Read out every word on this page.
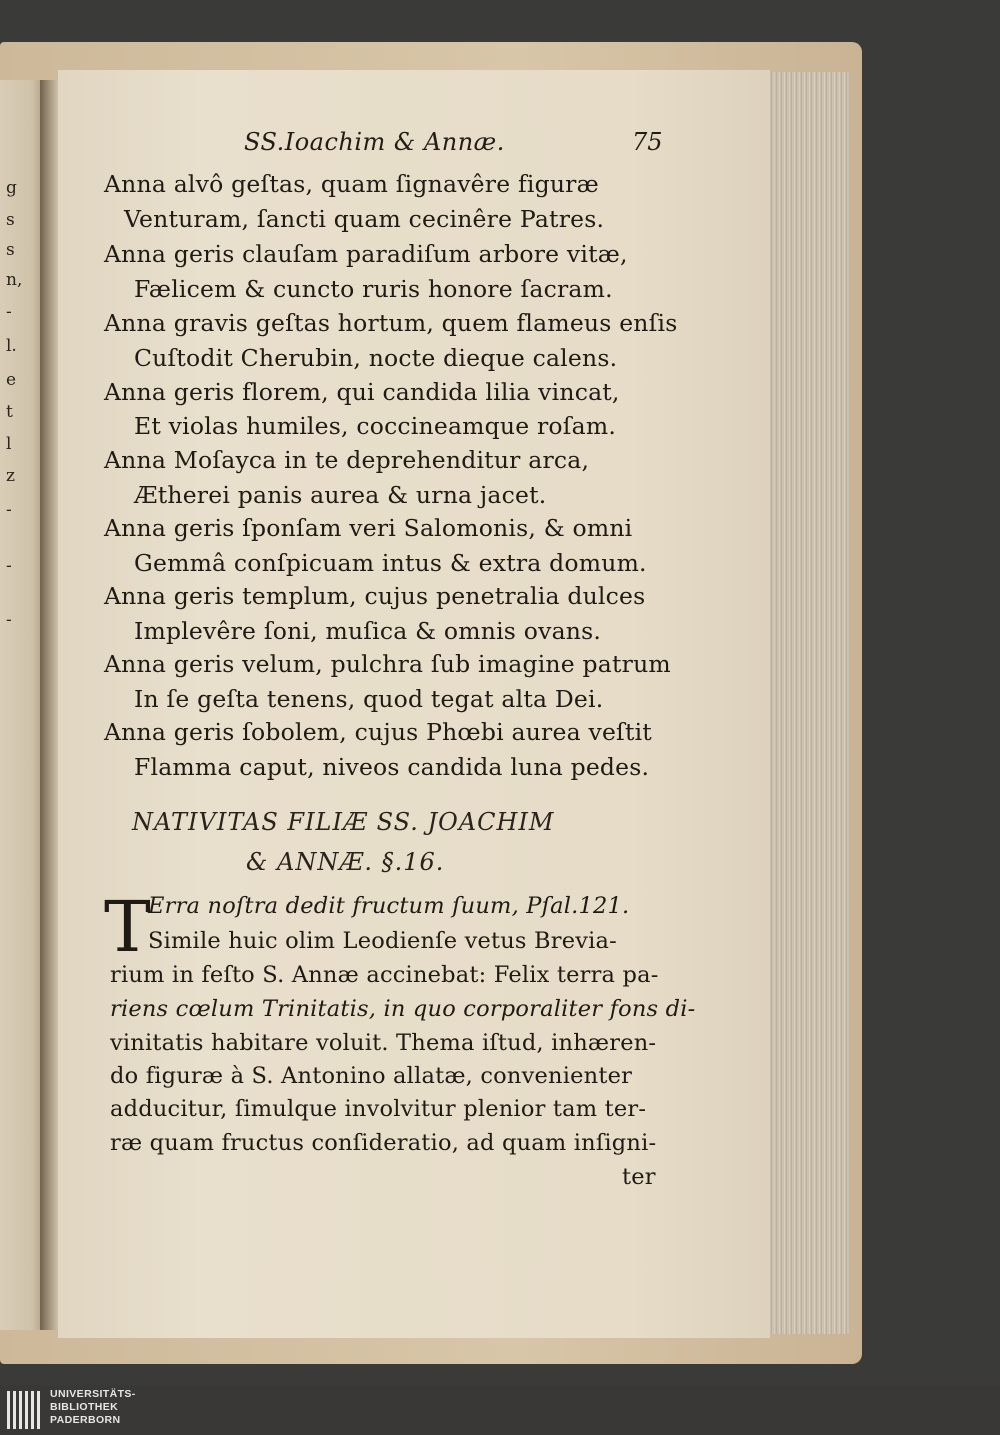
g
s
s
n,
-
l.
e
t
l
z
-
-
-
SS.Ioachim & Annæ.	75
Anna alvô geſtas, quam ſignavêre figuræ
Venturam, ſancti quam cecinêre Patres.
Anna geris clauſam paradiſum arbore vitæ,
Fælicem & cuncto ruris honore ſacram.
Anna gravis geſtas hortum, quem flameus enſis
Cuſtodit Cherubin, nocte dieque calens.
Anna geris florem, qui candida lilia vincat,
Et violas humiles, coccineamque roſam.
Anna Moſayca in te deprehenditur arca,
Ætherei panis aurea & urna jacet.
Anna geris ſponſam veri Salomonis, & omni
Gemmâ conſpicuam intus & extra domum.
Anna geris templum, cujus penetralia dulces
Implevêre ſoni, muſica & omnis ovans.
Anna geris velum, pulchra ſub imagine patrum
In ſe geſta tenens, quod tegat alta Dei.
Anna geris ſobolem, cujus Phœbi aurea veſtit
Flamma caput, niveos candida luna pedes.
NATIVITAS FILIÆ SS. JOACHIM
& ANNÆ. §.16.
T
Erra noſtra dedit fructum ſuum, Pſal.121.
Simile huic olim Leodienſe vetus Brevia-
rium in feſto S. Annæ accinebat: Felix terra pa-
riens cœlum Trinitatis, in quo corporaliter fons di-
vinitatis habitare voluit. Thema iſtud, inhæren-
do figuræ à S. Antonino allatæ, convenienter
adducitur, ſimulque involvitur plenior tam ter-
ræ quam fructus conſideratio, ad quam inſigni-
ter
UNIVERSITÄTS-
BIBLIOTHEK
PADERBORN
